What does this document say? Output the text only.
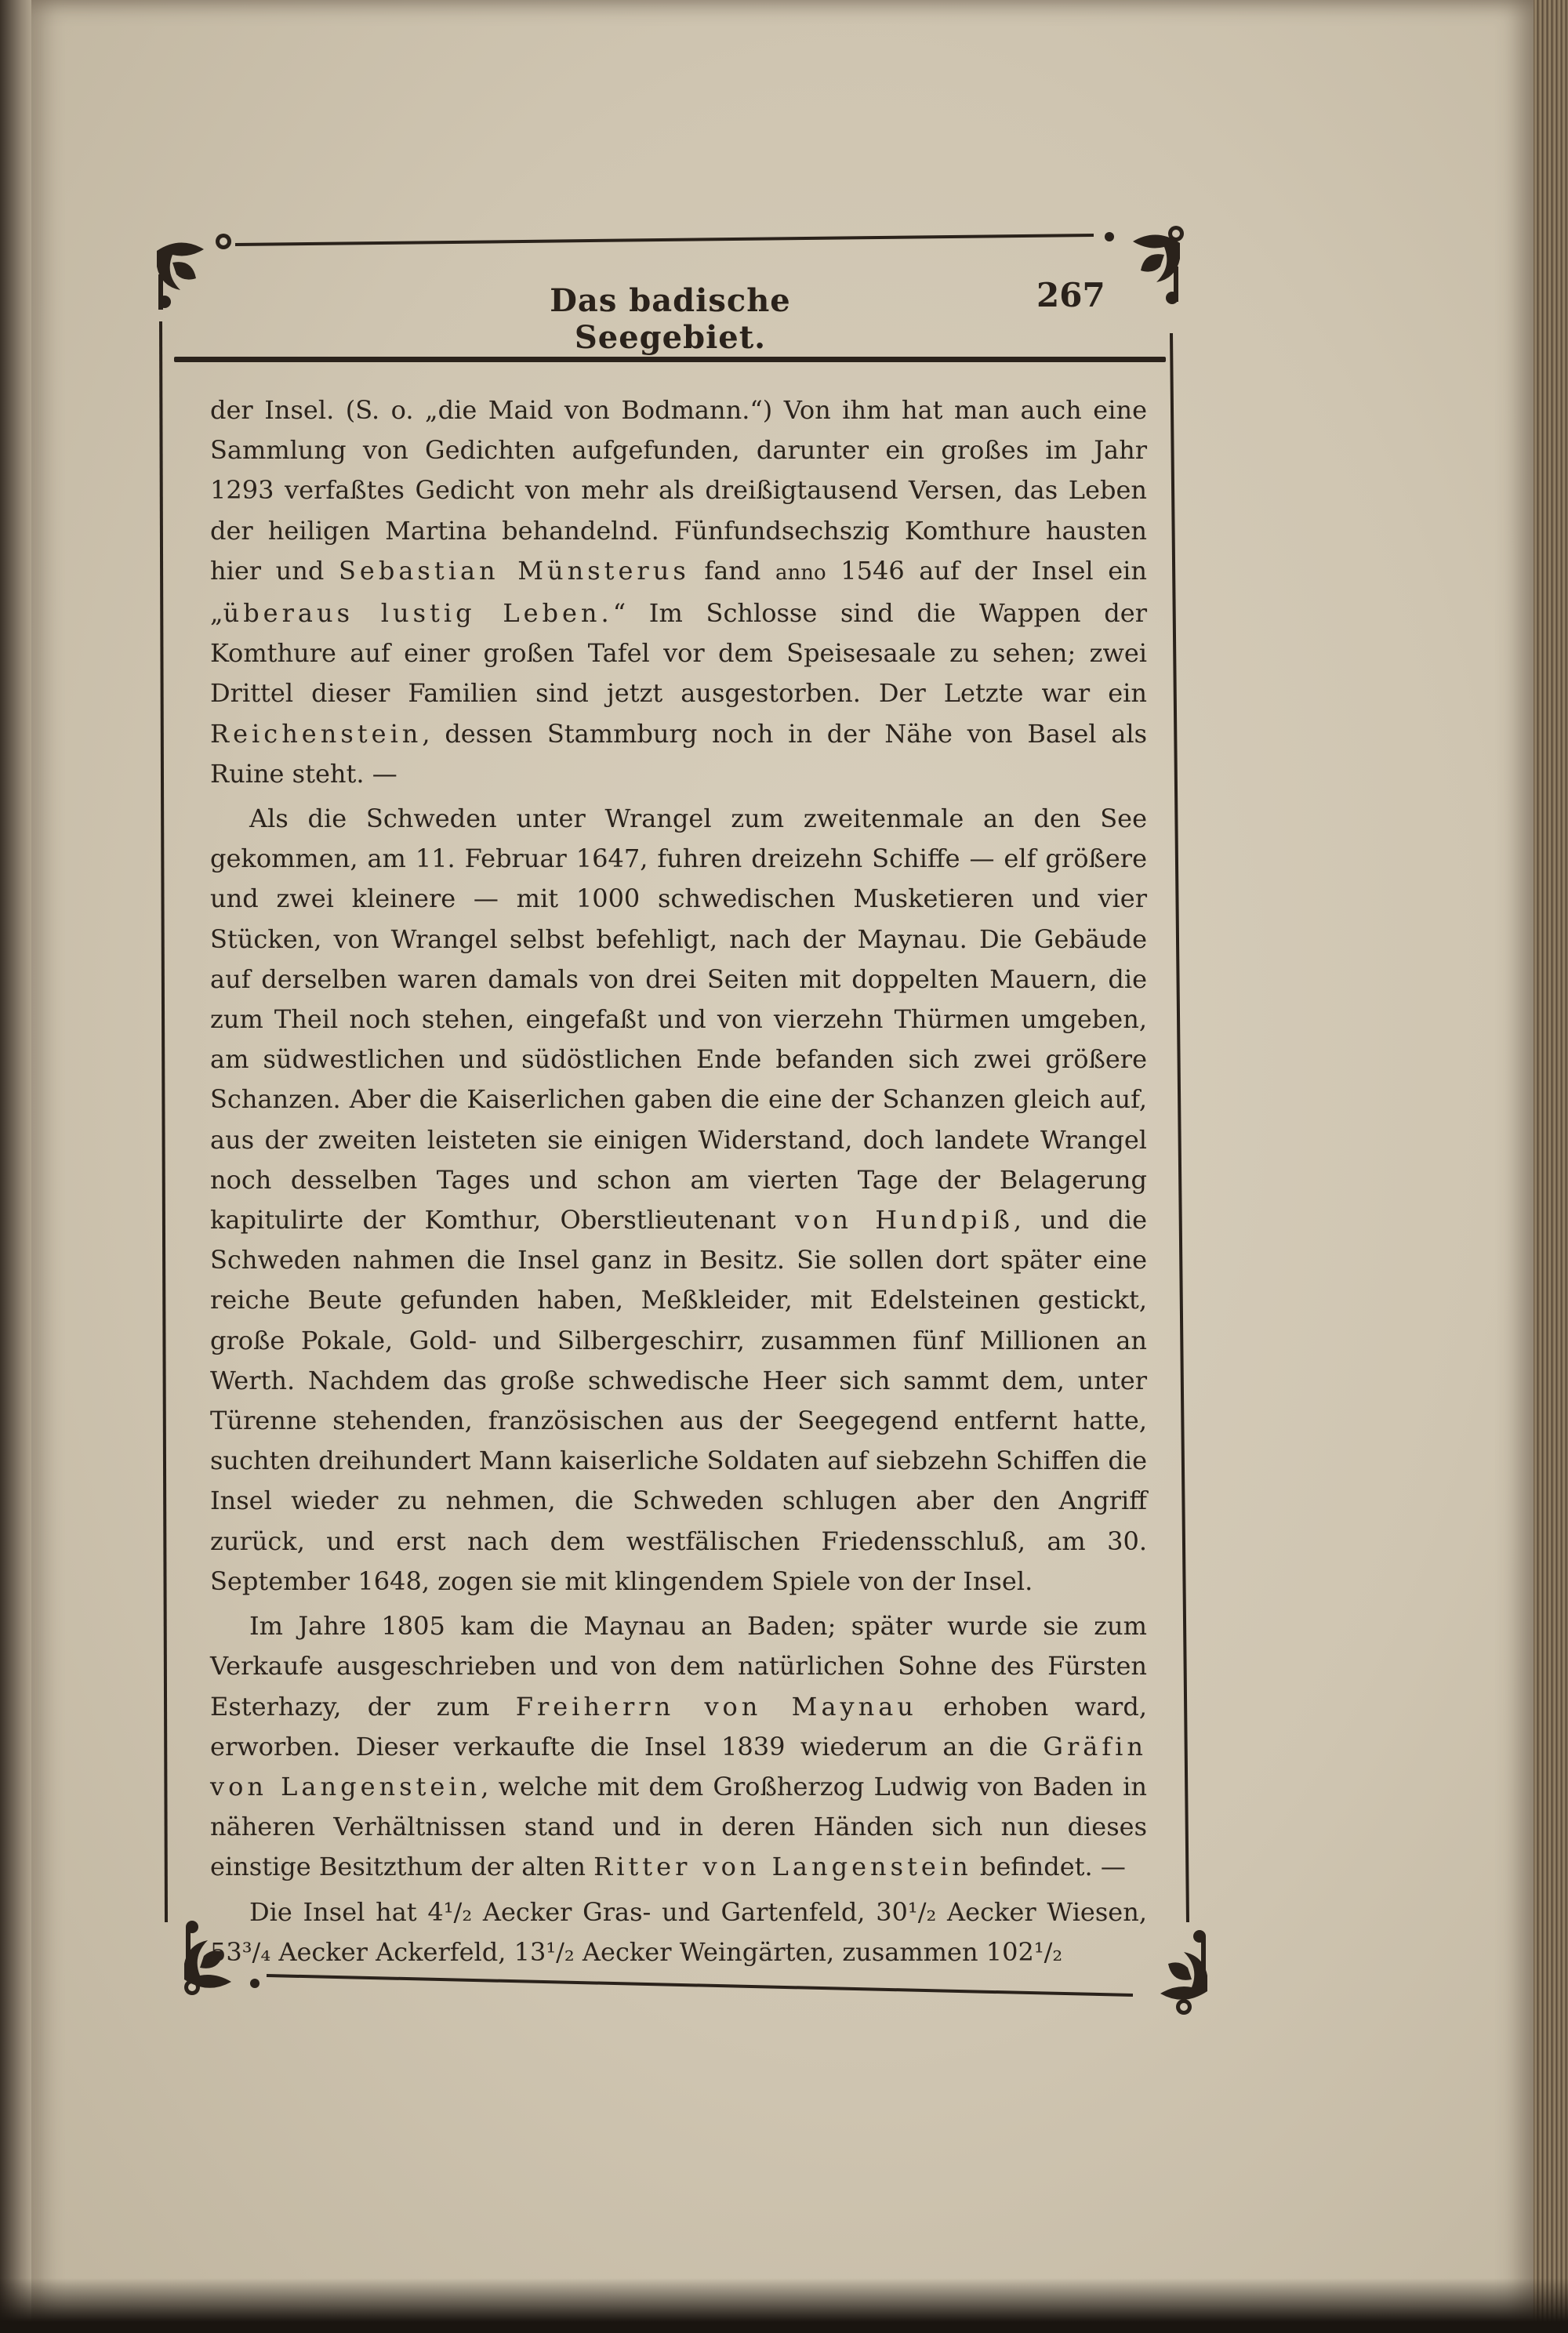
Das badische Seegebiet.
267

der Insel. (S. o. „die Maid von Bodmann.“) Von ihm hat man auch eine Sammlung von Gedichten aufgefunden, darunter ein großes im Jahr 1293 verfaßtes Gedicht von mehr als dreißigtausend Versen, das Leben der heiligen Martina behandelnd. Fünfundsechszig Komthure hausten hier und Sebastian Münsterus fand anno 1546 auf der Insel ein „überaus lustig Leben.“ Im Schlosse sind die Wappen der Komthure auf einer großen Tafel vor dem Speisesaale zu sehen; zwei Drittel dieser Familien sind jetzt ausgestorben. Der Letzte war ein Reichenstein, dessen Stammburg noch in der Nähe von Basel als Ruine steht. —

Als die Schweden unter Wrangel zum zweitenmale an den See gekommen, am 11. Februar 1647, fuhren dreizehn Schiffe — elf größere und zwei kleinere — mit 1000 schwedischen Musketieren und vier Stücken, von Wrangel selbst befehligt, nach der Maynau. Die Gebäude auf derselben waren damals von drei Seiten mit doppelten Mauern, die zum Theil noch stehen, eingefaßt und von vierzehn Thürmen umgeben, am südwestlichen und südöstlichen Ende befanden sich zwei größere Schanzen. Aber die Kaiserlichen gaben die eine der Schanzen gleich auf, aus der zweiten leisteten sie einigen Widerstand, doch landete Wrangel noch desselben Tages und schon am vierten Tage der Belagerung kapitulirte der Komthur, Oberstlieutenant von Hundpiß, und die Schweden nahmen die Insel ganz in Besitz. Sie sollen dort später eine reiche Beute gefunden haben, Meßkleider, mit Edelsteinen gestickt, große Pokale, Gold- und Silbergeschirr, zusammen fünf Millionen an Werth. Nachdem das große schwedische Heer sich sammt dem, unter Türenne stehenden, französischen aus der Seegegend entfernt hatte, suchten dreihundert Mann kaiserliche Soldaten auf siebzehn Schiffen die Insel wieder zu nehmen, die Schweden schlugen aber den Angriff zurück, und erst nach dem westfälischen Friedensschluß, am 30. September 1648, zogen sie mit klingendem Spiele von der Insel.

Im Jahre 1805 kam die Maynau an Baden; später wurde sie zum Verkaufe ausgeschrieben und von dem natürlichen Sohne des Fürsten Esterhazy, der zum Freiherrn von Maynau erhoben ward, erworben. Dieser verkaufte die Insel 1839 wiederum an die Gräfin von Langenstein, welche mit dem Großherzog Ludwig von Baden in näheren Verhältnissen stand und in deren Händen sich nun dieses einstige Besitzthum der alten Ritter von Langenstein befindet. —

Die Insel hat 4¹/₂ Aecker Gras- und Gartenfeld, 30¹/₂ Aecker Wiesen, 53³/₄ Aecker Ackerfeld, 13¹/₂ Aecker Weingärten, zusammen 102¹/₂
